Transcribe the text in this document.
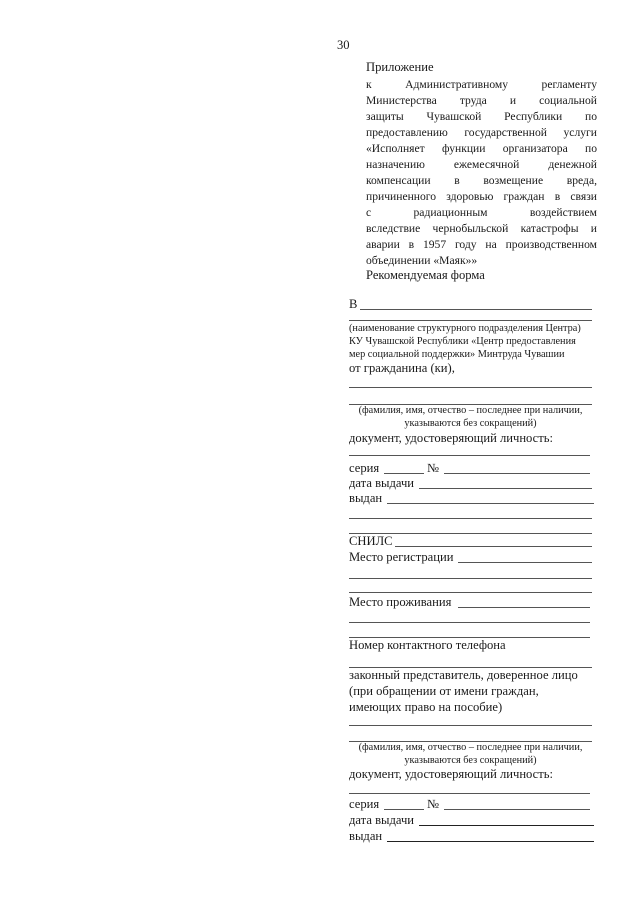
30
Приложение
к Административному регламенту
Министерства труда и социальной
защиты Чувашской Республики по
предоставлению государственной услуги
«Исполняет функции организатора по
назначению ежемесячной денежной
компенсации в возмещение вреда,
причиненного здоровью граждан в связи
с радиационным воздействием
вследствие чернобыльской катастрофы и
аварии в 1957 году на производственном
объединении «Маяк»»
Рекомендуемая форма
В
(наименование структурного подразделения Центра)
КУ Чувашской Республики «Центр предоставления
мер социальной поддержки» Минтруда Чувашии
от гражданина (ки),
(фамилия, имя, отчество – последнее при наличии,
указываются без сокращений)
документ, удостоверяющий личность:
серия	№
дата выдачи
выдан
СНИЛС
Место регистрации
Место проживания
Номер контактного телефона
законный представитель, доверенное лицо
(при обращении от имени граждан,
имеющих право на пособие)
(фамилия, имя, отчество – последнее при наличии,
указываются без сокращений)
документ, удостоверяющий личность:
серия	№
дата выдачи
выдан
